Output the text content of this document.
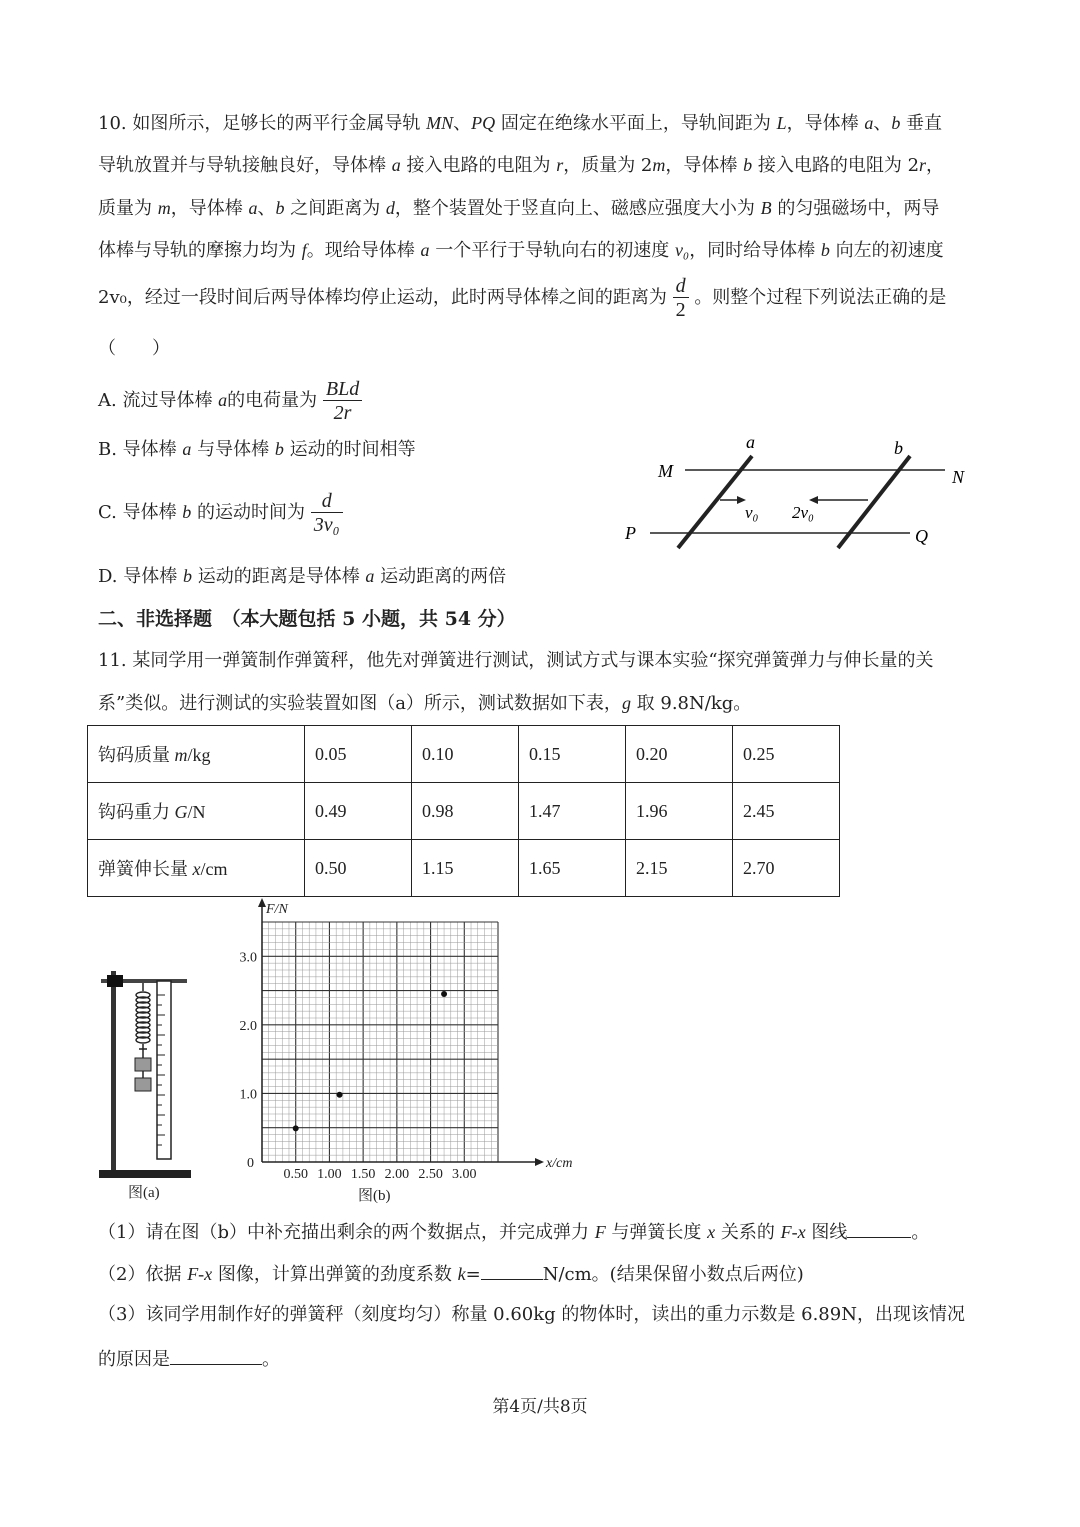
10. 如图所示，足够长的两平行金属导轨 MN、PQ 固定在绝缘水平面上，导轨间距为 L，导体棒 a、b 垂直
导轨放置并与导轨接触良好，导体棒 a 接入电路的电阻为 r，质量为 2m，导体棒 b 接入电路的电阻为 2r，
质量为 m，导体棒 a、b 之间距离为 d，整个装置处于竖直向上、磁感应强度大小为 B 的匀强磁场中，两导
体棒与导轨的摩擦力均为 f。现给导体棒 a 一个平行于导轨向右的初速度 v₀，同时给导体棒 b 向左的初速度
2v₀，经过一段时间后两导体棒均停止运动，此时两导体棒之间的距离为 $\frac{d}{2}$ 。则整个过程下列说法正确的是
（　　）
A. 流过导体棒 a的电荷量为 $\frac{\text{BLd}}{2r}$
B. 导体棒 a 与导体棒 b 运动的时间相等
C. 导体棒 b 的运动时间为 $\frac{d}{\text{3v₀}}$
D. 导体棒 b 运动的距离是导体棒 a 运动距离的两倍
M	N
P	Q
a	b
v₀ 2v₀
二、非选择题　 （本大题包括 5 小题，共 54 分）
11. 某同学用一弹簧制作弹簧秤，他先对弹簧进行测试，测试方式与课本实验“探究弹簧弹力与伸长量的关
系”类似。进行测试的实验装置如图（a）所示，测试数据如下表，g 取 9.8N/kg。
钩码质量 m/kg	0.05	0.10	0.15	0.20	0.25
钩码重力 G/N	0.49	0.98	1.47	1.96	2.45
弹簧伸长量 x/cm	0.50	1.15	1.65	2.15	2.70
图(a)
0.50 1.00 1.50 2.00 2.50 3.00
1.0
2.0
3.0
0	x/cm
F/N
图(b)
（1）请在图（b）中补充描出剩余的两个数据点，并完成弹力 F 与弹簧长度 x 关系的 F-x 图线	。
（2）依据 F-x 图像，计算出弹簧的劲度系数 k=	N/cm。(结果保留小数点后两位)
（3）该同学用制作好的弹簧秤（刻度均匀）称量 0.60kg 的物体时，读出的重力示数是 6.89N，出现该情况
的原因是	。
第4页/共8页
